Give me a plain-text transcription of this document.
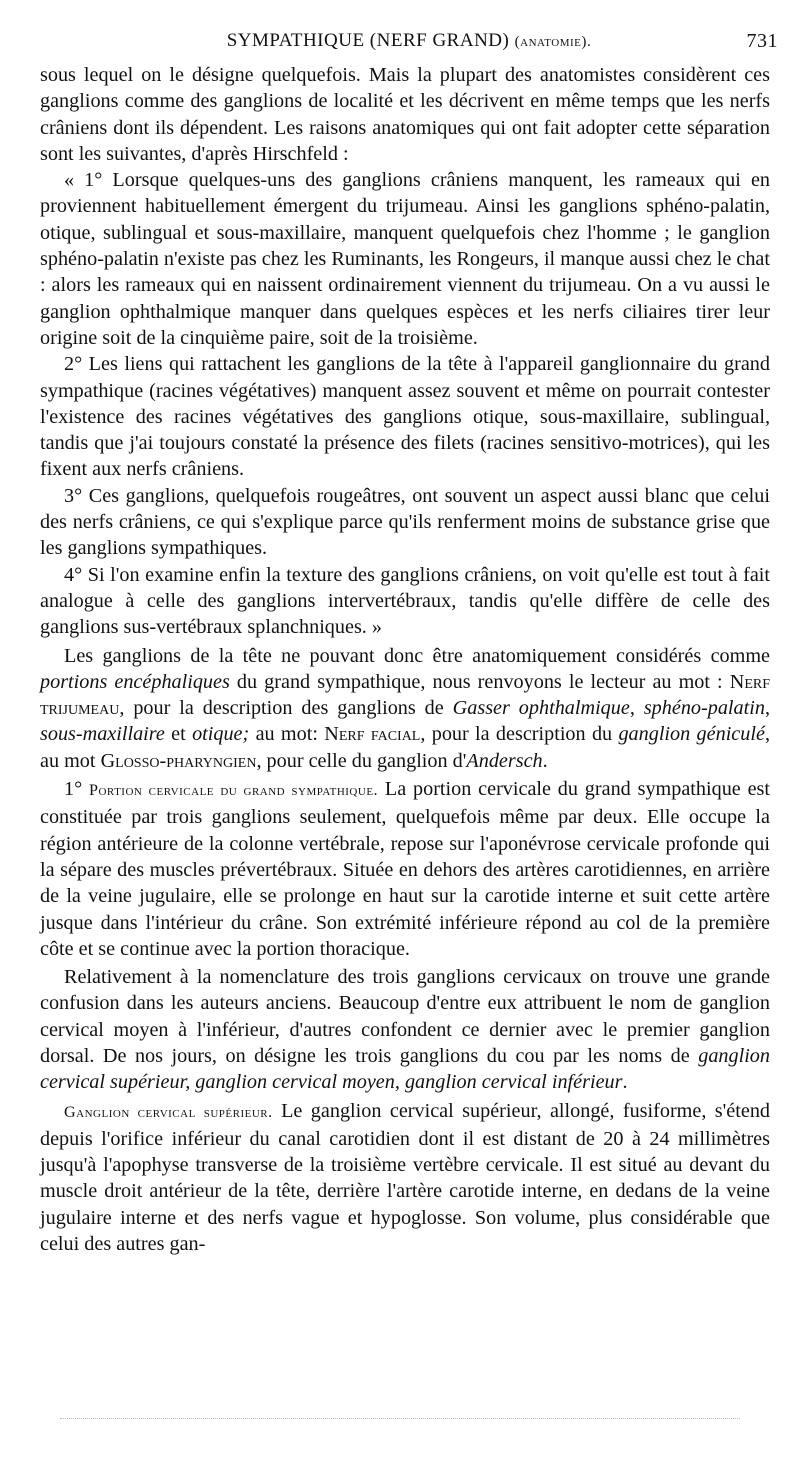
SYMPATHIQUE (NERF GRAND) (anatomie).	731

sous lequel on le désigne quelquefois. Mais la plupart des anatomistes considèrent ces ganglions comme des ganglions de localité et les décrivent en même temps que les nerfs crâniens dont ils dépendent. Les raisons anatomiques qui ont fait adopter cette séparation sont les suivantes, d'après Hirschfeld :

« 1° Lorsque quelques-uns des ganglions crâniens manquent, les rameaux qui en proviennent habituellement émergent du trijumeau. Ainsi les ganglions sphéno-palatin, otique, sublingual et sous-maxillaire, manquent quelquefois chez l'homme ; le ganglion sphéno-palatin n'existe pas chez les Ruminants, les Rongeurs, il manque aussi chez le chat : alors les rameaux qui en naissent ordinairement viennent du trijumeau. On a vu aussi le ganglion ophthalmique manquer dans quelques espèces et les nerfs ciliaires tirer leur origine soit de la cinquième paire, soit de la troisième.

2° Les liens qui rattachent les ganglions de la tête à l'appareil ganglionnaire du grand sympathique (racines végétatives) manquent assez souvent et même on pourrait contester l'existence des racines végétatives des ganglions otique, sous-maxillaire, sublingual, tandis que j'ai toujours constaté la présence des filets (racines sensitivo-motrices), qui les fixent aux nerfs crâniens.

3° Ces ganglions, quelquefois rougeâtres, ont souvent un aspect aussi blanc que celui des nerfs crâniens, ce qui s'explique parce qu'ils renferment moins de substance grise que les ganglions sympathiques.

4° Si l'on examine enfin la texture des ganglions crâniens, on voit qu'elle est tout à fait analogue à celle des ganglions intervertébraux, tandis qu'elle diffère de celle des ganglions sus-vertébraux splanchniques. »

Les ganglions de la tête ne pouvant donc être anatomiquement considérés comme portions encéphaliques du grand sympathique, nous renvoyons le lecteur au mot : Nerf trijumeau, pour la description des ganglions de Gasser ophthalmique, sphéno-palatin, sous-maxillaire et otique; au mot: Nerf facial, pour la description du ganglion géniculé, au mot Glosso-pharyngien, pour celle du ganglion d'Andersch.

1° Portion cervicale du grand sympathique. La portion cervicale du grand sympathique est constituée par trois ganglions seulement, quelquefois même par deux. Elle occupe la région antérieure de la colonne vertébrale, repose sur l'aponévrose cervicale profonde qui la sépare des muscles prévertébraux. Située en dehors des artères carotidiennes, en arrière de la veine jugulaire, elle se prolonge en haut sur la carotide interne et suit cette artère jusque dans l'intérieur du crâne. Son extrémité inférieure répond au col de la première côte et se continue avec la portion thoracique.

Relativement à la nomenclature des trois ganglions cervicaux on trouve une grande confusion dans les auteurs anciens. Beaucoup d'entre eux attribuent le nom de ganglion cervical moyen à l'inférieur, d'autres confondent ce dernier avec le premier ganglion dorsal. De nos jours, on désigne les trois ganglions du cou par les noms de ganglion cervical supérieur, ganglion cervical moyen, ganglion cervical inférieur.

Ganglion cervical supérieur. Le ganglion cervical supérieur, allongé, fusiforme, s'étend depuis l'orifice inférieur du canal carotidien dont il est distant de 20 à 24 millimètres jusqu'à l'apophyse transverse de la troisième vertèbre cervicale. Il est situé au devant du muscle droit antérieur de la tête, derrière l'artère carotide interne, en dedans de la veine jugulaire interne et des nerfs vague et hypoglosse. Son volume, plus considérable que celui des autres gan-
